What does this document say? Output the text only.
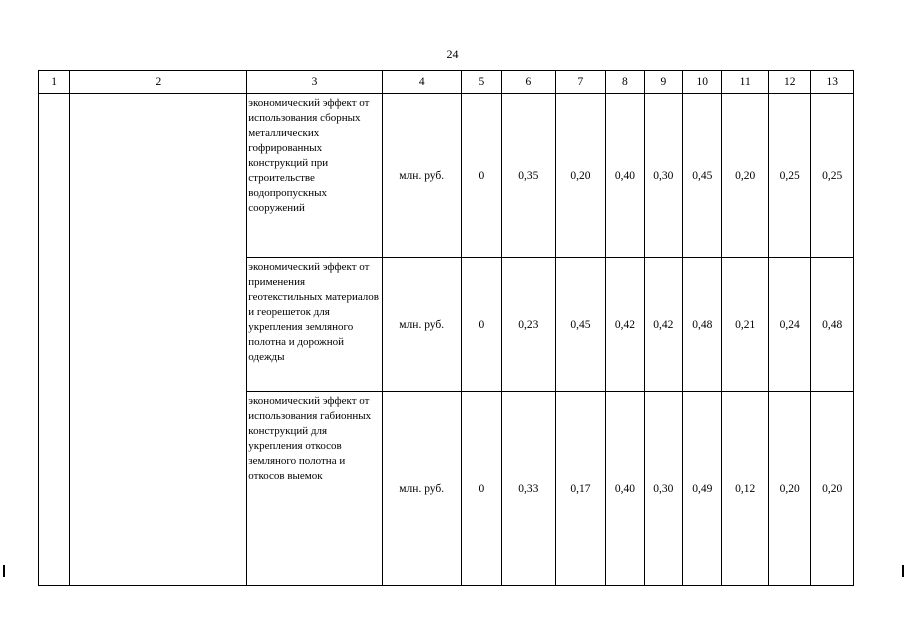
24
1	2	3	4	5	6	7	8	9	10	11	12	13
		экономический эффект от использования сборных металлических гофрированных конструкций при строительстве водопропускных сооружений	млн. руб.	0	0,35	0,20	0,40	0,30	0,45	0,20	0,25	0,25
		экономический эффект от применения геотекстильных материалов и георешеток для укрепления земляного полотна и дорожной одежды	млн. руб.	0	0,23	0,45	0,42	0,42	0,48	0,21	0,24	0,48
		экономический эффект от использования габионных конструкций для укрепления откосов земляного полотна и откосов выемок	млн. руб.	0	0,33	0,17	0,40	0,30	0,49	0,12	0,20	0,20
